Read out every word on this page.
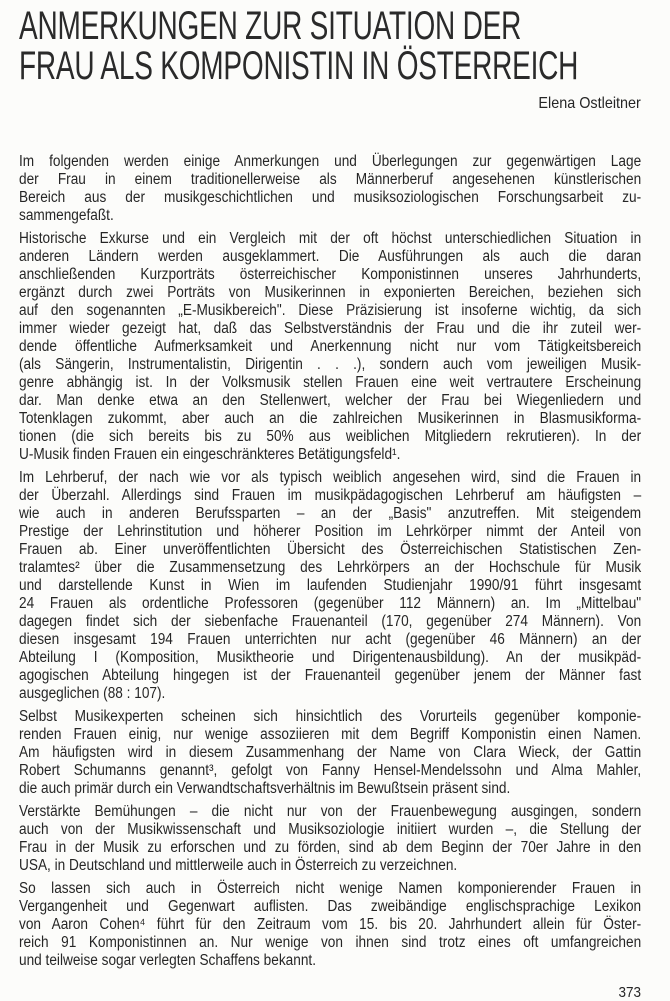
ANMERKUNGEN ZUR SITUATION DER
FRAU ALS KOMPONISTIN IN ÖSTERREICH
Elena Ostleitner
Im folgenden werden einige Anmerkungen und Überlegungen zur gegenwärtigen Lage
der Frau in einem traditionellerweise als Männerberuf angesehenen künstlerischen
Bereich aus der musikgeschichtlichen und musiksoziologischen Forschungsarbeit zu-
sammengefaßt.
Historische Exkurse und ein Vergleich mit der oft höchst unterschiedlichen Situation in
anderen Ländern werden ausgeklammert. Die Ausführungen als auch die daran
anschließenden Kurzporträts österreichischer Komponistinnen unseres Jahrhunderts,
ergänzt durch zwei Porträts von Musikerinnen in exponierten Bereichen, beziehen sich
auf den sogenannten „E-Musikbereich". Diese Präzisierung ist insoferne wichtig, da sich
immer wieder gezeigt hat, daß das Selbstverständnis der Frau und die ihr zuteil wer-
dende öffentliche Aufmerksamkeit und Anerkennung nicht nur vom Tätigkeitsbereich
(als Sängerin, Instrumentalistin, Dirigentin . . .), sondern auch vom jeweiligen Musik-
genre abhängig ist. In der Volksmusik stellen Frauen eine weit vertrautere Erscheinung
dar. Man denke etwa an den Stellenwert, welcher der Frau bei Wiegenliedern und
Totenklagen zukommt, aber auch an die zahlreichen Musikerinnen in Blasmusikforma-
tionen (die sich bereits bis zu 50% aus weiblichen Mitgliedern rekrutieren). In der
U-Musik finden Frauen ein eingeschränkteres Betätigungsfeld¹.
Im Lehrberuf, der nach wie vor als typisch weiblich angesehen wird, sind die Frauen in
der Überzahl. Allerdings sind Frauen im musikpädagogischen Lehrberuf am häufigsten –
wie auch in anderen Berufssparten – an der „Basis" anzutreffen. Mit steigendem
Prestige der Lehrinstitution und höherer Position im Lehrkörper nimmt der Anteil von
Frauen ab. Einer unveröffentlichten Übersicht des Österreichischen Statistischen Zen-
tralamtes² über die Zusammensetzung des Lehrkörpers an der Hochschule für Musik
und darstellende Kunst in Wien im laufenden Studienjahr 1990/91 führt insgesamt
24 Frauen als ordentliche Professoren (gegenüber 112 Männern) an. Im „Mittelbau"
dagegen findet sich der siebenfache Frauenanteil (170, gegenüber 274 Männern). Von
diesen insgesamt 194 Frauen unterrichten nur acht (gegenüber 46 Männern) an der
Abteilung I (Komposition, Musiktheorie und Dirigentenausbildung). An der musikpäd-
agogischen Abteilung hingegen ist der Frauenanteil gegenüber jenem der Männer fast
ausgeglichen (88 : 107).
Selbst Musikexperten scheinen sich hinsichtlich des Vorurteils gegenüber komponie-
renden Frauen einig, nur wenige assoziieren mit dem Begriff Komponistin einen Namen.
Am häufigsten wird in diesem Zusammenhang der Name von Clara Wieck, der Gattin
Robert Schumanns genannt³, gefolgt von Fanny Hensel-Mendelssohn und Alma Mahler,
die auch primär durch ein Verwandtschaftsverhältnis im Bewußtsein präsent sind.
Verstärkte Bemühungen – die nicht nur von der Frauenbewegung ausgingen, sondern
auch von der Musikwissenschaft und Musiksoziologie initiiert wurden –, die Stellung der
Frau in der Musik zu erforschen und zu förden, sind ab dem Beginn der 70er Jahre in den
USA, in Deutschland und mittlerweile auch in Österreich zu verzeichnen.
So lassen sich auch in Österreich nicht wenige Namen komponierender Frauen in
Vergangenheit und Gegenwart auflisten. Das zweibändige englischsprachige Lexikon
von Aaron Cohen⁴ führt für den Zeitraum vom 15. bis 20. Jahrhundert allein für Öster-
reich 91 Komponistinnen an. Nur wenige von ihnen sind trotz eines oft umfangreichen
und teilweise sogar verlegten Schaffens bekannt.
373
